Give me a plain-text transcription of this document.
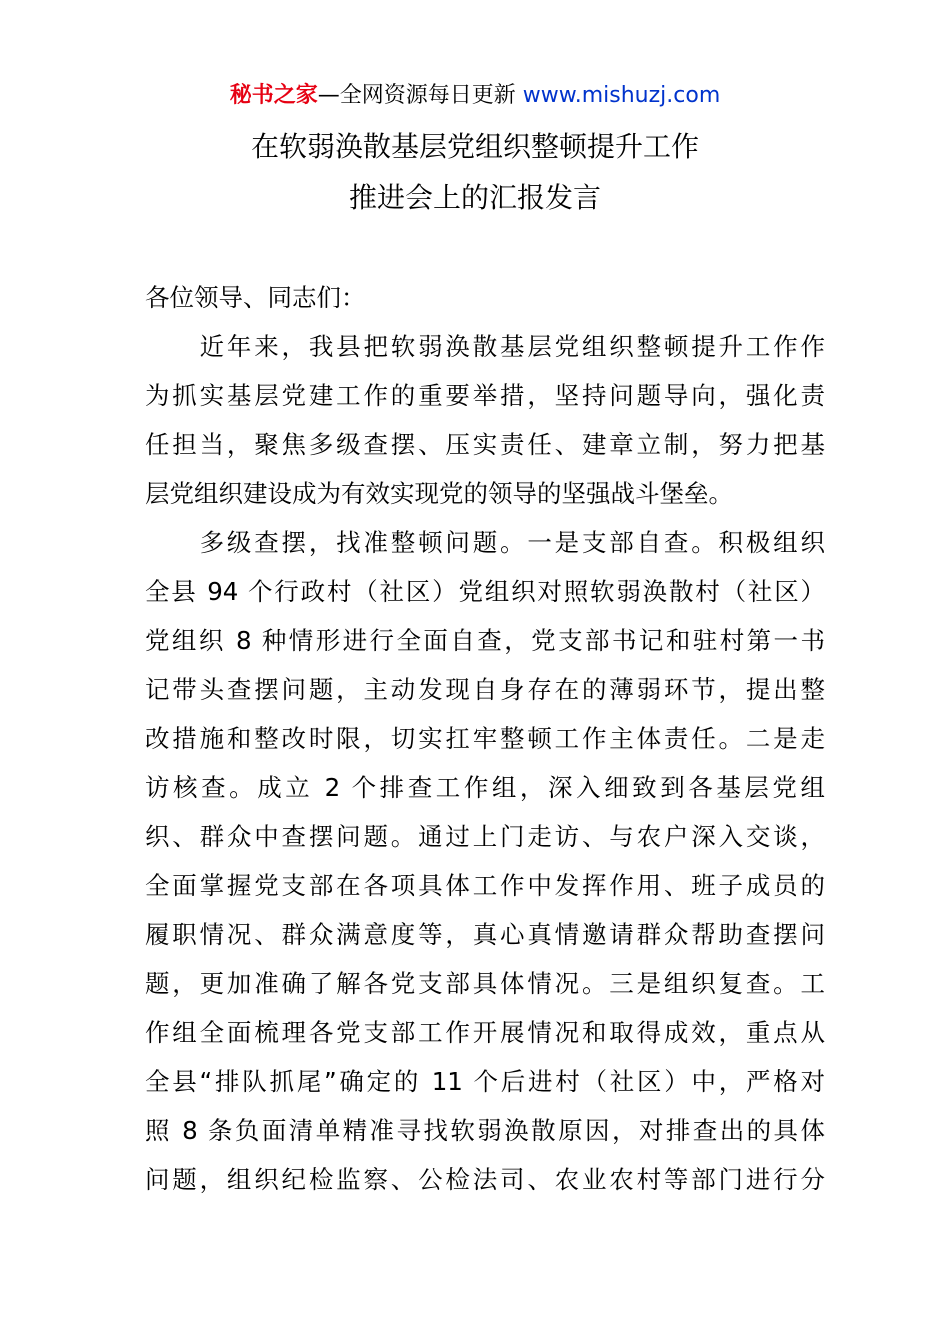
秘书之家—全网资源每日更新 www.mishuzj.com
在软弱涣散基层党组织整顿提升工作
推进会上的汇报发言
各位领导、同志们：
　　近年来，我县把软弱涣散基层党组织整顿提升工作作
为抓实基层党建工作的重要举措，坚持问题导向，强化责
任担当，聚焦多级查摆、压实责任、建章立制，努力把基
层党组织建设成为有效实现党的领导的坚强战斗堡垒。
　　多级查摆，找准整顿问题。一是支部自查。积极组织
全县 94 个行政村（社区）党组织对照软弱涣散村（社区）
党组织 8 种情形进行全面自查，党支部书记和驻村第一书
记带头查摆问题，主动发现自身存在的薄弱环节，提出整
改措施和整改时限，切实扛牢整顿工作主体责任。二是走
访核查。成立 2 个排查工作组，深入细致到各基层党组
织、群众中查摆问题。通过上门走访、与农户深入交谈，
全面掌握党支部在各项具体工作中发挥作用、班子成员的
履职情况、群众满意度等，真心真情邀请群众帮助查摆问
题，更加准确了解各党支部具体情况。三是组织复查。工
作组全面梳理各党支部工作开展情况和取得成效，重点从
全县“排队抓尾”确定的 11 个后进村（社区）中，严格对
照 8 条负面清单精准寻找软弱涣散原因，对排查出的具体
问题，组织纪检监察、公检法司、农业农村等部门进行分
